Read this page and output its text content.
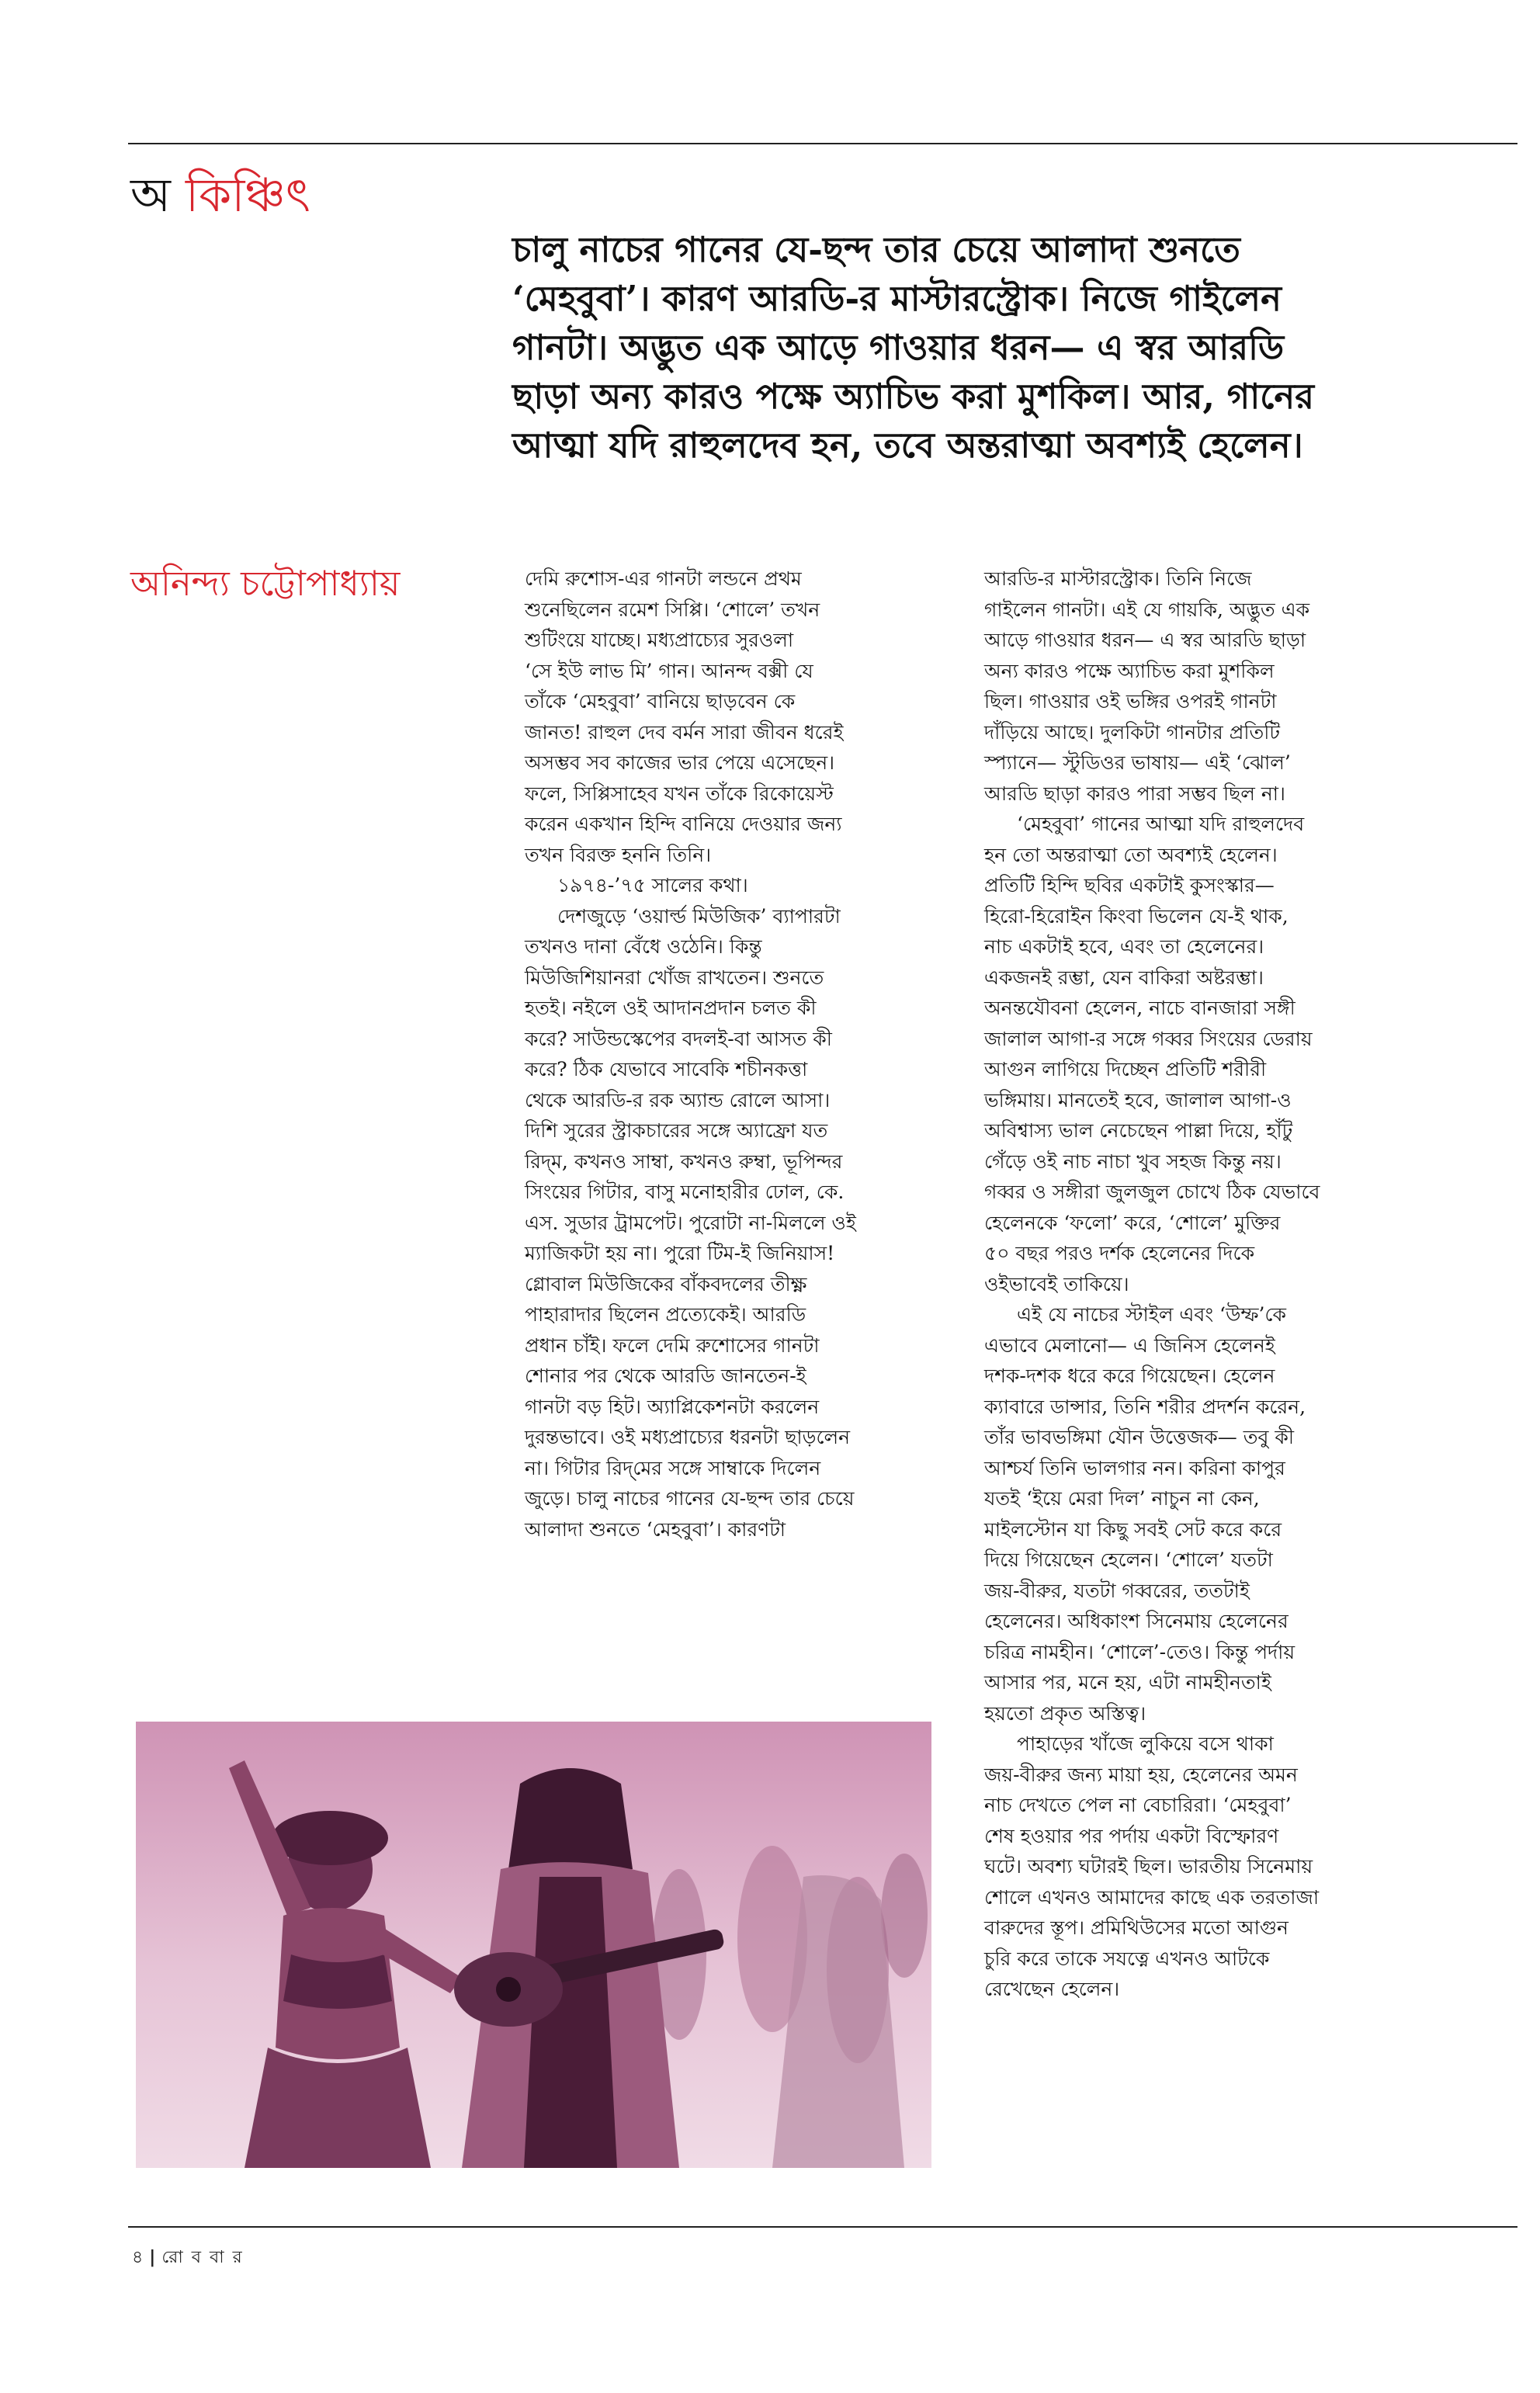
অ কিঞ্চিৎ

চালু নাচের গানের যে-ছন্দ তার চেয়ে আলাদা শুনতে
‘মেহবুবা’। কারণ আরডি-র মাস্টারস্ট্রোক। নিজে গাইলেন
গানটা। অদ্ভুত এক আড়ে গাওয়ার ধরন— এ স্বর আরডি
ছাড়া অন্য কারও পক্ষে অ্যাচিভ করা মুশকিল। আর, গানের
আত্মা যদি রাহুলদেব হন, তবে অন্তরাত্মা অবশ্যই হেলেন।

অনিন্দ্য চট্টোপাধ্যায়	দেমি রুশোস-এর গানটা লন্ডনে প্রথম
শুনেছিলেন রমেশ সিপ্পি। ‘শোলে’ তখন
শুটিংয়ে যাচ্ছে। মধ্যপ্রাচ্যের সুরওলা
‘সে ইউ লাভ মি’ গান। আনন্দ বক্সী যে
তাঁকে ‘মেহবুবা’ বানিয়ে ছাড়বেন কে
জানত! রাহুল দেব বর্মন সারা জীবন ধরেই
অসম্ভব সব কাজের ভার পেয়ে এসেছেন।
ফলে, সিপ্পিসাহেব যখন তাঁকে রিকোয়েস্ট
করেন একখান হিন্দি বানিয়ে দেওয়ার জন্য
তখন বিরক্ত হননি তিনি।
১৯৭৪-’৭৫ সালের কথা।
দেশজুড়ে ‘ওয়ার্ল্ড মিউজিক’ ব্যাপারটা
তখনও দানা বেঁধে ওঠেনি। কিন্তু
মিউজিশিয়ানরা খোঁজ রাখতেন। শুনতে
হতই। নইলে ওই আদানপ্রদান চলত কী
করে? সাউন্ডস্কেপের বদলই-বা আসত কী
করে? ঠিক যেভাবে সাবেকি শচীনকত্তা
থেকে আরডি-র রক অ্যান্ড রোলে আসা।
দিশি সুরের স্ট্রাকচারের সঙ্গে অ্যাফ্রো যত
রিদ্‌ম, কখনও সাম্বা, কখনও রুম্বা, ভূপিন্দর
সিংয়ের গিটার, বাসু মনোহারীর ঢোল, কে.
এস. সুডার ট্রামপেট। পুরোটা না-মিললে ওই
ম্যাজিকটা হয় না। পুরো টিম-ই জিনিয়াস!
গ্লোবাল মিউজিকের বাঁকবদলের তীক্ষ্ণ
পাহারাদার ছিলেন প্রত্যেকেই। আরডি
প্রধান চাঁই। ফলে দেমি রুশোসের গানটা
শোনার পর থেকে আরডি জানতেন-ই
গানটা বড় হিট। অ্যাপ্লিকেশনটা করলেন
দুরন্তভাবে। ওই মধ্যপ্রাচ্যের ধরনটা ছাড়লেন
না। গিটার রিদ্‌মের সঙ্গে সাম্বাকে দিলেন
জুড়ে। চালু নাচের গানের যে-ছন্দ তার চেয়ে
আলাদা শুনতে ‘মেহবুবা’। কারণটা
আরডি-র মাস্টারস্ট্রোক। তিনি নিজে
গাইলেন গানটা। এই যে গায়কি, অদ্ভুত এক
আড়ে গাওয়ার ধরন— এ স্বর আরডি ছাড়া
অন্য কারও পক্ষে অ্যাচিভ করা মুশকিল
ছিল। গাওয়ার ওই ভঙ্গির ওপরই গানটা
দাঁড়িয়ে আছে। দুলকিটা গানটার প্রতিটি
স্প্যানে— স্টুডিওর ভাষায়— এই ‘ঝোল’
আরডি ছাড়া কারও পারা সম্ভব ছিল না।
‘মেহবুবা’ গানের আত্মা যদি রাহুলদেব
হন তো অন্তরাত্মা তো অবশ্যই হেলেন।
প্রতিটি হিন্দি ছবির একটাই কুসংস্কার—
হিরো-হিরোইন কিংবা ভিলেন যে-ই থাক,
নাচ একটাই হবে, এবং তা হেলেনের।
একজনই রম্ভা, যেন বাকিরা অষ্টরম্ভা।
অনন্তযৌবনা হেলেন, নাচে বানজারা সঙ্গী
জালাল আগা-র সঙ্গে গব্বর সিংয়ের ডেরায়
আগুন লাগিয়ে দিচ্ছেন প্রতিটি শরীরী
ভঙ্গিমায়। মানতেই হবে, জালাল আগা-ও
অবিশ্বাস্য ভাল নেচেছেন পাল্লা দিয়ে, হাঁটু
গেঁড়ে ওই নাচ নাচা খুব সহজ কিন্তু নয়।
গব্বর ও সঙ্গীরা জুলজুল চোখে ঠিক যেভাবে
হেলেনকে ‘ফলো’ করে, ‘শোলে’ মুক্তির
৫০ বছর পরও দর্শক হেলেনের দিকে
ওইভাবেই তাকিয়ে।
এই যে নাচের স্টাইল এবং ‘উম্ফ’কে
এভাবে মেলানো— এ জিনিস হেলেনই
দশক-দশক ধরে করে গিয়েছেন। হেলেন
ক্যাবারে ডান্সার, তিনি শরীর প্রদর্শন করেন,
তাঁর ভাবভঙ্গিমা যৌন উত্তেজক— তবু কী
আশ্চর্য তিনি ভালগার নন। করিনা কাপুর
যতই ‘ইয়ে মেরা দিল’ নাচুন না কেন,
মাইলস্টোন যা কিছু সবই সেট করে করে
দিয়ে গিয়েছেন হেলেন। ‘শোলে’ যতটা
জয়-বীরুর, যতটা গব্বরের, ততটাই
হেলেনের। অধিকাংশ সিনেমায় হেলেনের
চরিত্র নামহীন। ‘শোলে’-তেও। কিন্তু পর্দায়
আসার পর, মনে হয়, এটা নামহীনতাই
হয়তো প্রকৃত অস্তিত্ব।
পাহাড়ের খাঁজে লুকিয়ে বসে থাকা
জয়-বীরুর জন্য মায়া হয়, হেলেনের অমন
নাচ দেখতে পেল না বেচারিরা। ‘মেহবুবা’
শেষ হওয়ার পর পর্দায় একটা বিস্ফোরণ
ঘটে। অবশ্য ঘটারই ছিল। ভারতীয় সিনেমায়
শোলে এখনও আমাদের কাছে এক তরতাজা
বারুদের স্তূপ। প্রমিথিউসের মতো আগুন
চুরি করে তাকে সযত্নে এখনও আটকে
রেখেছেন হেলেন।
৪ | রো ব বা র
